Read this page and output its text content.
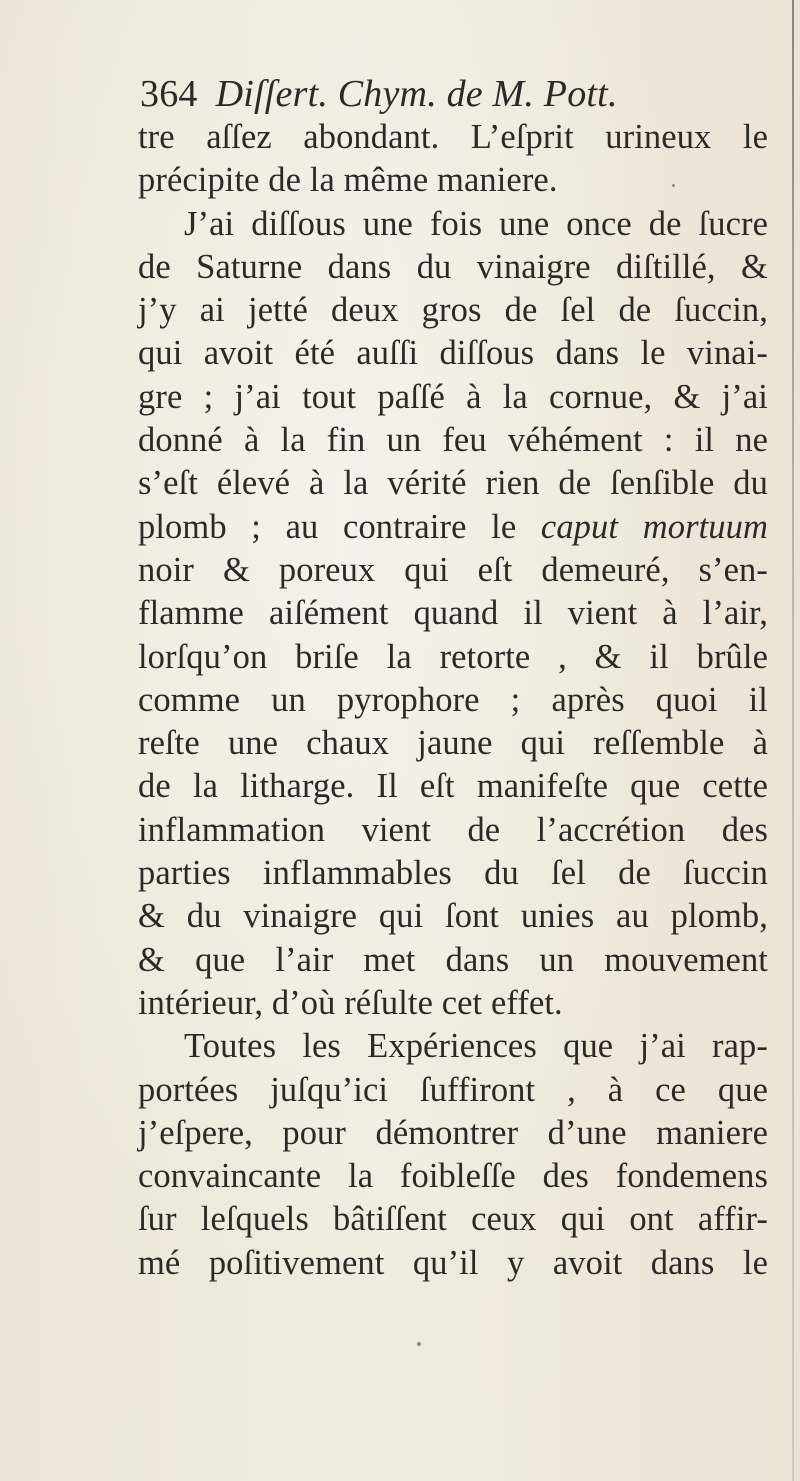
364 Diſſert. Chym. de M. Pott.
tre aſſez abondant. L’eſprit urineux le
précipite de la même maniere.
J’ai diſſous une fois une once de ſucre
de Saturne dans du vinaigre diſtillé, &
j’y ai jetté deux gros de ſel de ſuccin,
qui avoit été auſſi diſſous dans le vinai-
gre ; j’ai tout paſſé à la cornue, & j’ai
donné à la fin un feu véhément : il ne
s’eſt élevé à la vérité rien de ſenſible du
plomb ; au contraire le caput mortuum
noir & poreux qui eſt demeuré, s’en-
flamme aiſément quand il vient à l’air,
lorſqu’on briſe la retorte , & il brûle
comme un pyrophore ; après quoi il
reſte une chaux jaune qui reſſemble à
de la litharge. Il eſt manifeſte que cette
inflammation vient de l’accrétion des
parties inflammables du ſel de ſuccin
& du vinaigre qui ſont unies au plomb,
& que l’air met dans un mouvement
intérieur, d’où réſulte cet effet.
Toutes les Expériences que j’ai rap-
portées juſqu’ici ſuffiront , à ce que
j’eſpere, pour démontrer d’une maniere
convaincante la foibleſſe des fondemens
ſur leſquels bâtiſſent ceux qui ont affir-
mé poſitivement qu’il y avoit dans le
